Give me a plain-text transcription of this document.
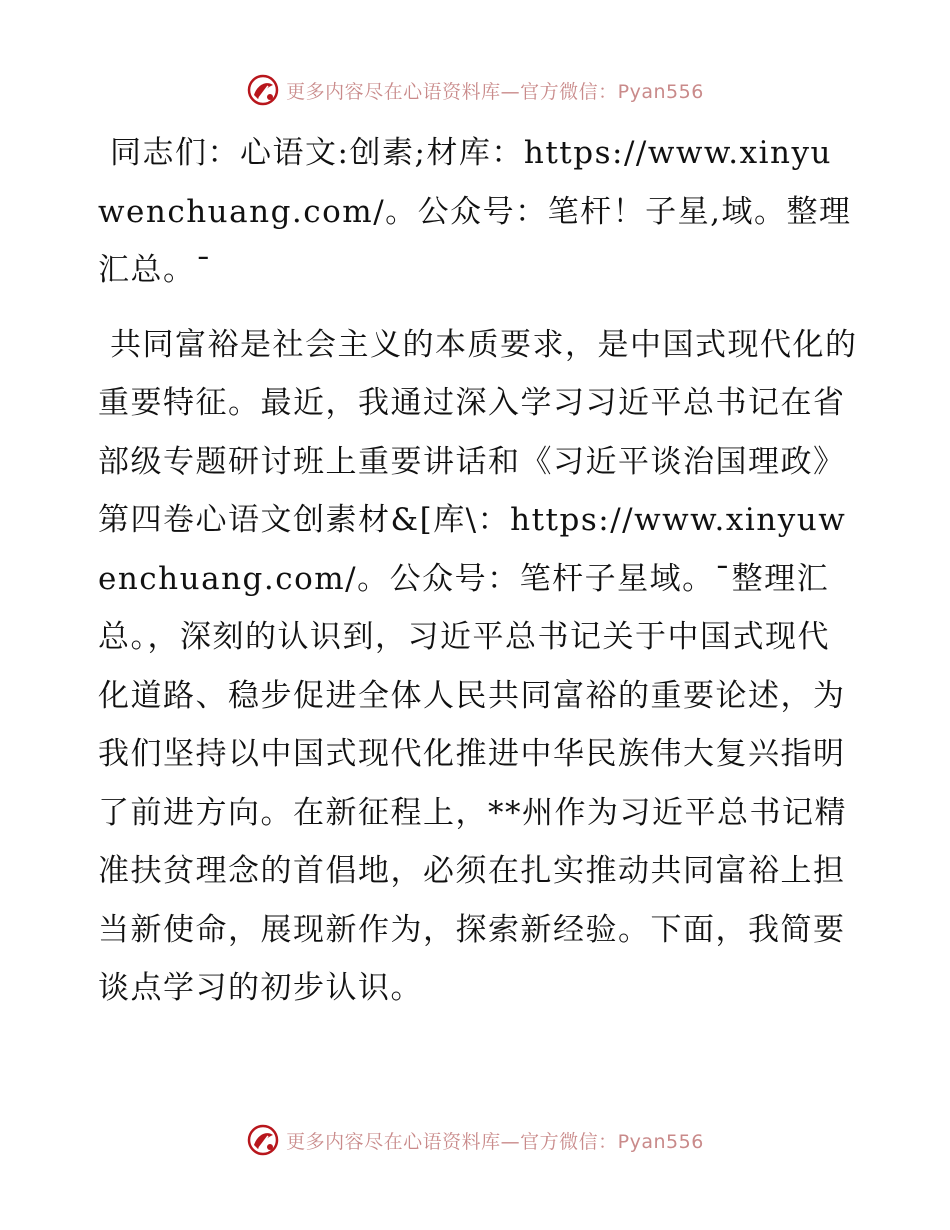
更多内容尽在心语资料库—官方微信：Pyan556

同志们：心语文:创素;材库：https://www.xinyuwenchuang.com/。公众号：笔杆！子星,域。整理汇总。¯

共同富裕是社会主义的本质要求，是中国式现代化的重要特征。最近，我通过深入学习习近平总书记在省部级专题研讨班上重要讲话和《习近平谈治国理政》第四卷心语文创素材&[库\：https://www.xinyuwenchuang.com/。公众号：笔杆子星域。¯整理汇总。，深刻的认识到，习近平总书记关于中国式现代化道路、稳步促进全体人民共同富裕的重要论述，为我们坚持以中国式现代化推进中华民族伟大复兴指明了前进方向。在新征程上，**州作为习近平总书记精准扶贫理念的首倡地，必须在扎实推动共同富裕上担当新使命，展现新作为，探索新经验。下面，我简要谈点学习的初步认识。

更多内容尽在心语资料库—官方微信：Pyan556
